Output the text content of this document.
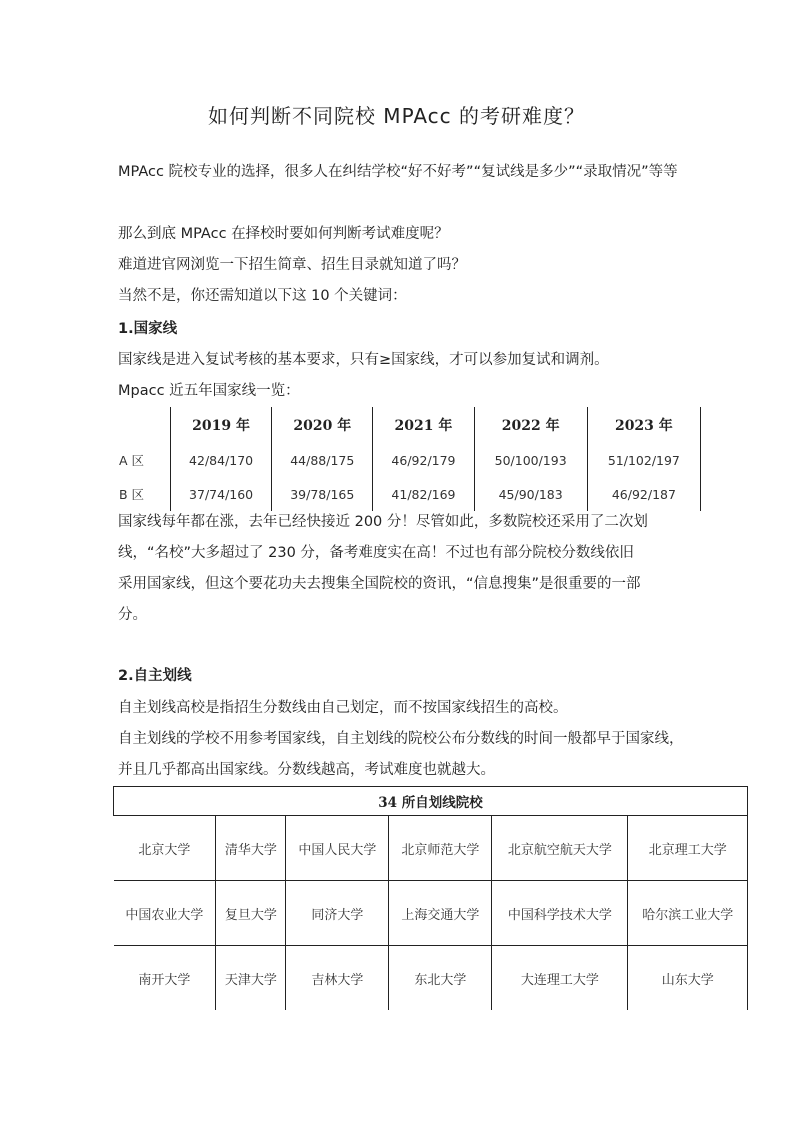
如何判断不同院校 MPAcc 的考研难度？

MPAcc 院校专业的选择，很多人在纠结学校“好不好考”“复试线是多少”“录取情况”等等

那么到底 MPAcc 在择校时要如何判断考试难度呢？

难道进官网浏览一下招生简章、招生目录就知道了吗？

当然不是，你还需知道以下这 10 个关键词：

1.国家线

国家线是进入复试考核的基本要求，只有≥国家线，才可以参加复试和调剂。

Mpacc 近五年国家线一览：

	2019 年	2020 年	2021 年	2022 年	2023 年
A 区	42/84/170	44/88/175	46/92/179	50/100/193	51/102/197
B 区	37/74/160	39/78/165	41/82/169	45/90/183	46/92/187

国家线每年都在涨，去年已经快接近 200 分！尽管如此，多数院校还采用了二次划线，“名校”大多超过了 230 分，备考难度实在高！不过也有部分院校分数线依旧采用国家线，但这个要花功夫去搜集全国院校的资讯，“信息搜集”是很重要的一部分。

2.自主划线

自主划线高校是指招生分数线由自己划定，而不按国家线招生的高校。

自主划线的学校不用参考国家线，自主划线的院校公布分数线的时间一般都早于国家线，并且几乎都高出国家线。分数线越高，考试难度也就越大。

34 所自划线院校					
北京大学	清华大学	中国人民大学	北京师范大学	北京航空航天大学	北京理工大学
中国农业大学	复旦大学	同济大学	上海交通大学	中国科学技术大学	哈尔滨工业大学
南开大学	天津大学	吉林大学	东北大学	大连理工大学	山东大学
